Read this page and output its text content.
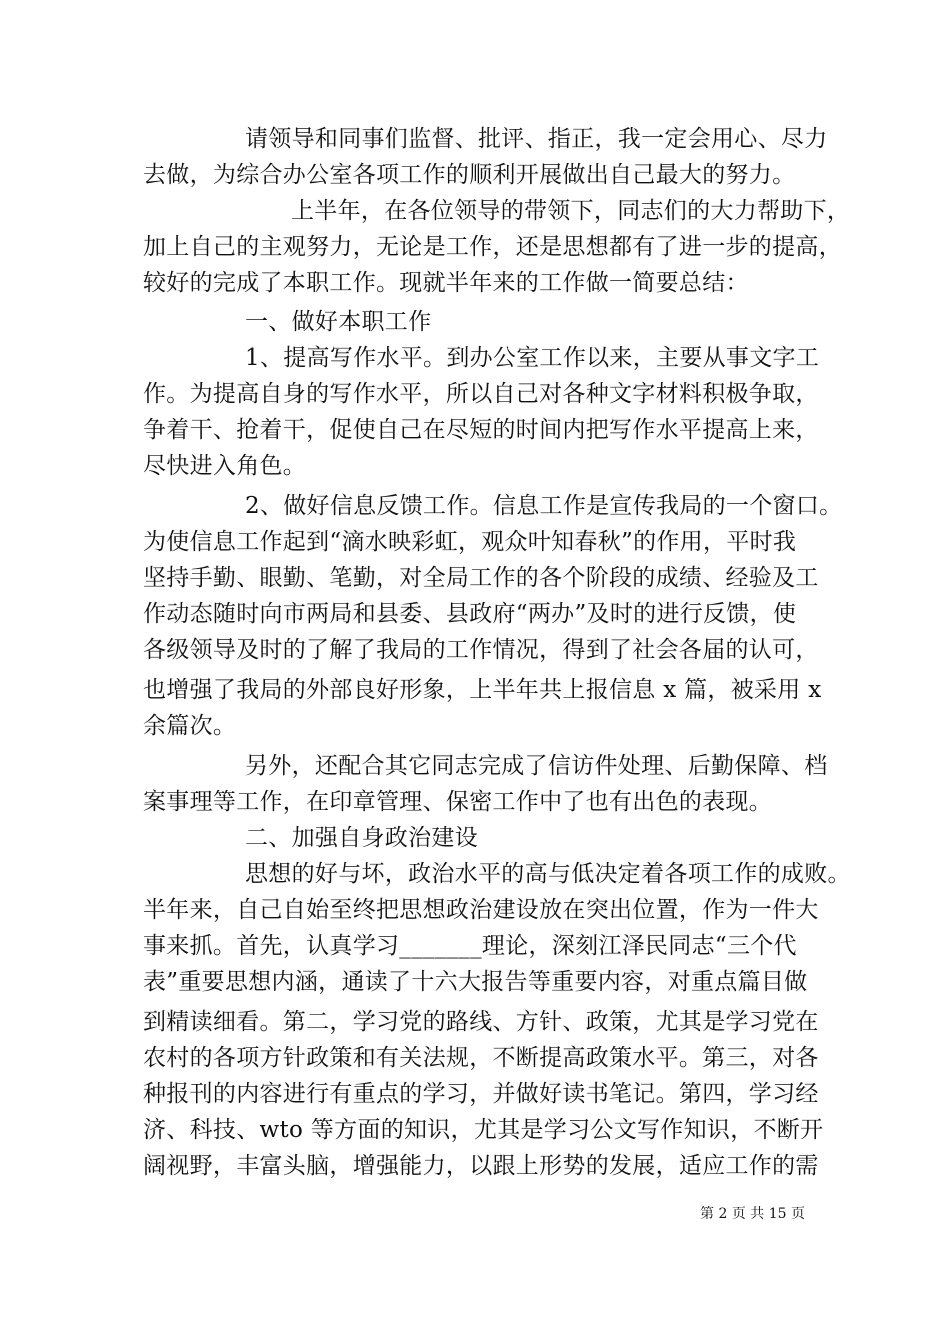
请领导和同事们监督、批评、指正，我一定会用心、尽力
去做，为综合办公室各项工作的顺利开展做出自己最大的努力。
上半年，在各位领导的带领下，同志们的大力帮助下，
加上自己的主观努力，无论是工作，还是思想都有了进一步的提高，
较好的完成了本职工作。现就半年来的工作做一简要总结：
一、做好本职工作
1、提高写作水平。到办公室工作以来，主要从事文字工
作。为提高自身的写作水平，所以自己对各种文字材料积极争取，
争着干、抢着干，促使自己在尽短的时间内把写作水平提高上来，
尽快进入角色。
2、做好信息反馈工作。信息工作是宣传我局的一个窗口。
为使信息工作起到“滴水映彩虹，观众叶知春秋”的作用，平时我
坚持手勤、眼勤、笔勤，对全局工作的各个阶段的成绩、经验及工
作动态随时向市两局和县委、县政府“两办”及时的进行反馈，使
各级领导及时的了解了我局的工作情况，得到了社会各届的认可，
也增强了我局的外部良好形象，上半年共上报信息 x 篇，被采用 x
余篇次。
另外，还配合其它同志完成了信访件处理、后勤保障、档
案事理等工作，在印章管理、保密工作中了也有出色的表现。
二、加强自身政治建设
思想的好与坏，政治水平的高与低决定着各项工作的成败。
半年来，自己自始至终把思想政治建设放在突出位置，作为一件大
事来抓。首先，认真学习_______理论，深刻江泽民同志“三个代
表”重要思想内涵，通读了十六大报告等重要内容，对重点篇目做
到精读细看。第二，学习党的路线、方针、政策，尤其是学习党在
农村的各项方针政策和有关法规，不断提高政策水平。第三，对各
种报刊的内容进行有重点的学习，并做好读书笔记。第四，学习经
济、科技、wto 等方面的知识，尤其是学习公文写作知识，不断开
阔视野，丰富头脑，增强能力，以跟上形势的发展，适应工作的需
第 2 页 共 15 页
